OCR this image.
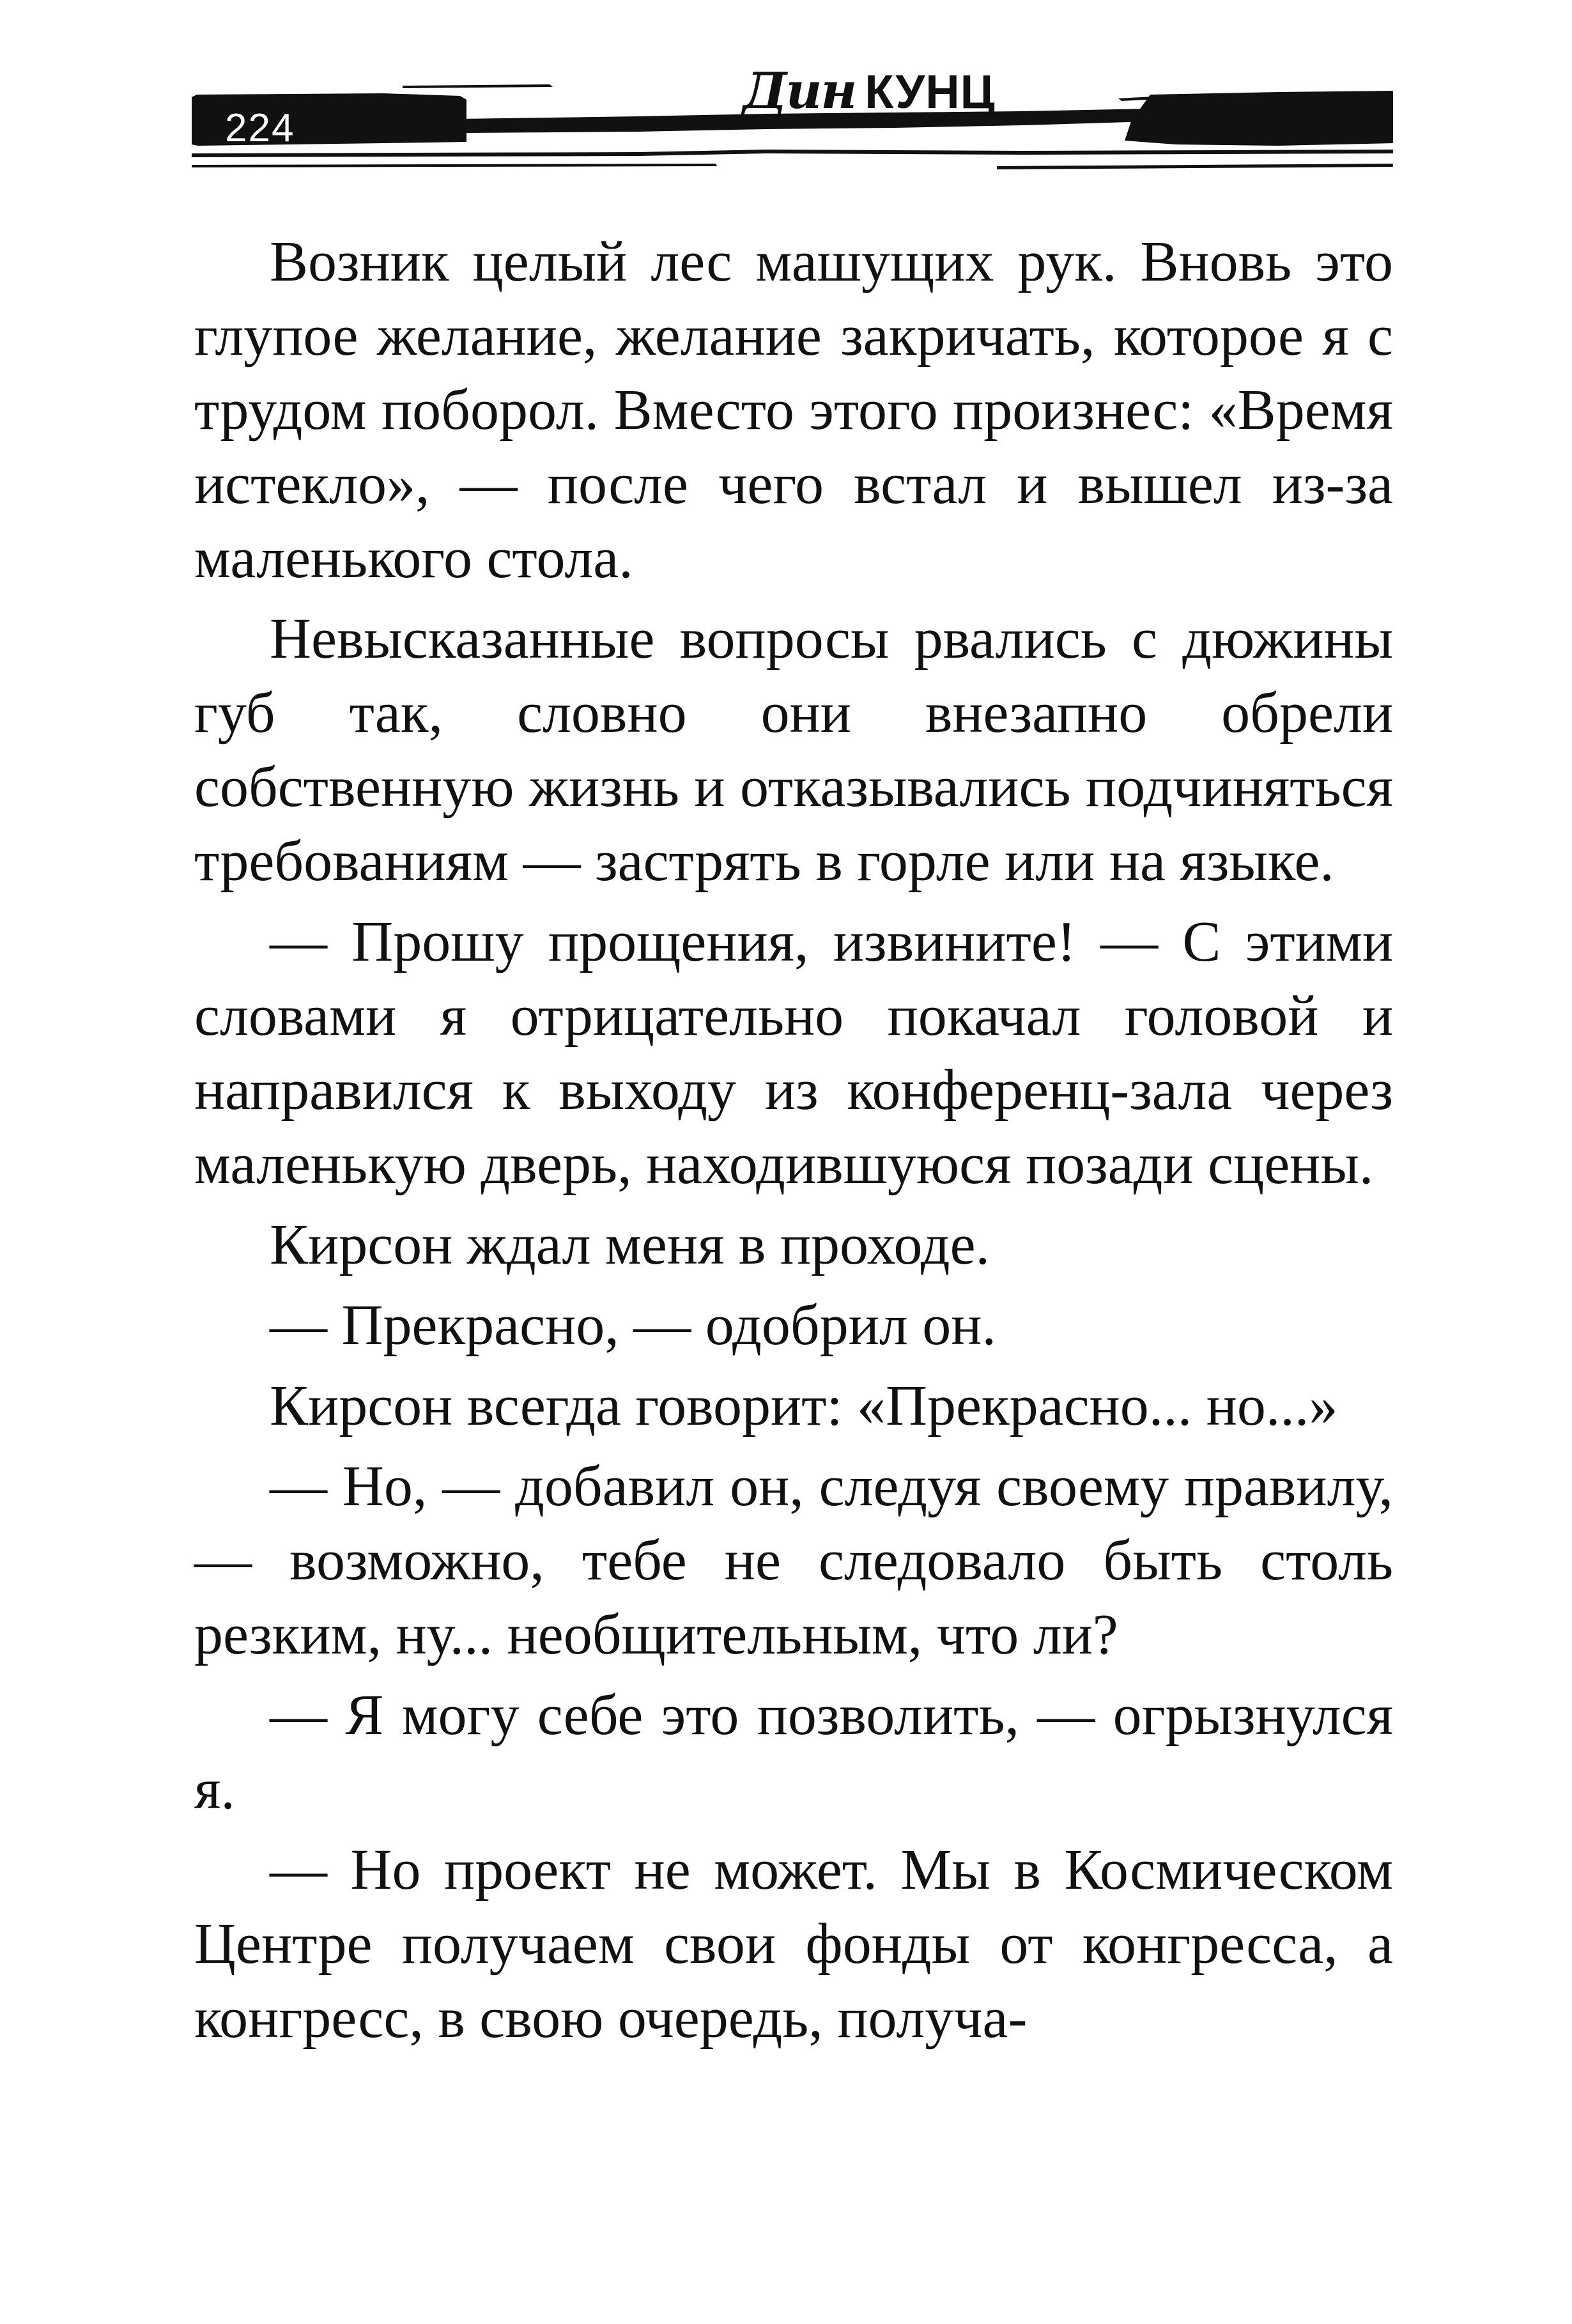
224
Дин КУНЦ

Возник целый лес машущих рук. Вновь это глупое желание, желание закричать, которое я с трудом поборол. Вместо этого произнес: «Время истекло», — после чего встал и вышел из-за маленького стола.

Невысказанные вопросы рвались с дюжины губ так, словно они внезапно обрели собственную жизнь и отказывались подчиняться требованиям — застрять в горле или на языке.

— Прошу прощения, извините! — С этими словами я отрицательно покачал головой и направился к выходу из конференц-зала через маленькую дверь, находившуюся позади сцены.

Кирсон ждал меня в проходе.

— Прекрасно, — одобрил он.

Кирсон всегда говорит: «Прекрасно... но...»

— Но, — добавил он, следуя своему правилу, — возможно, тебе не следовало быть столь резким, ну... необщительным, что ли?

— Я могу себе это позволить, — огрызнулся я.

— Но проект не может. Мы в Космическом Центре получаем свои фонды от конгресса, а конгресс, в свою очередь, получа-
